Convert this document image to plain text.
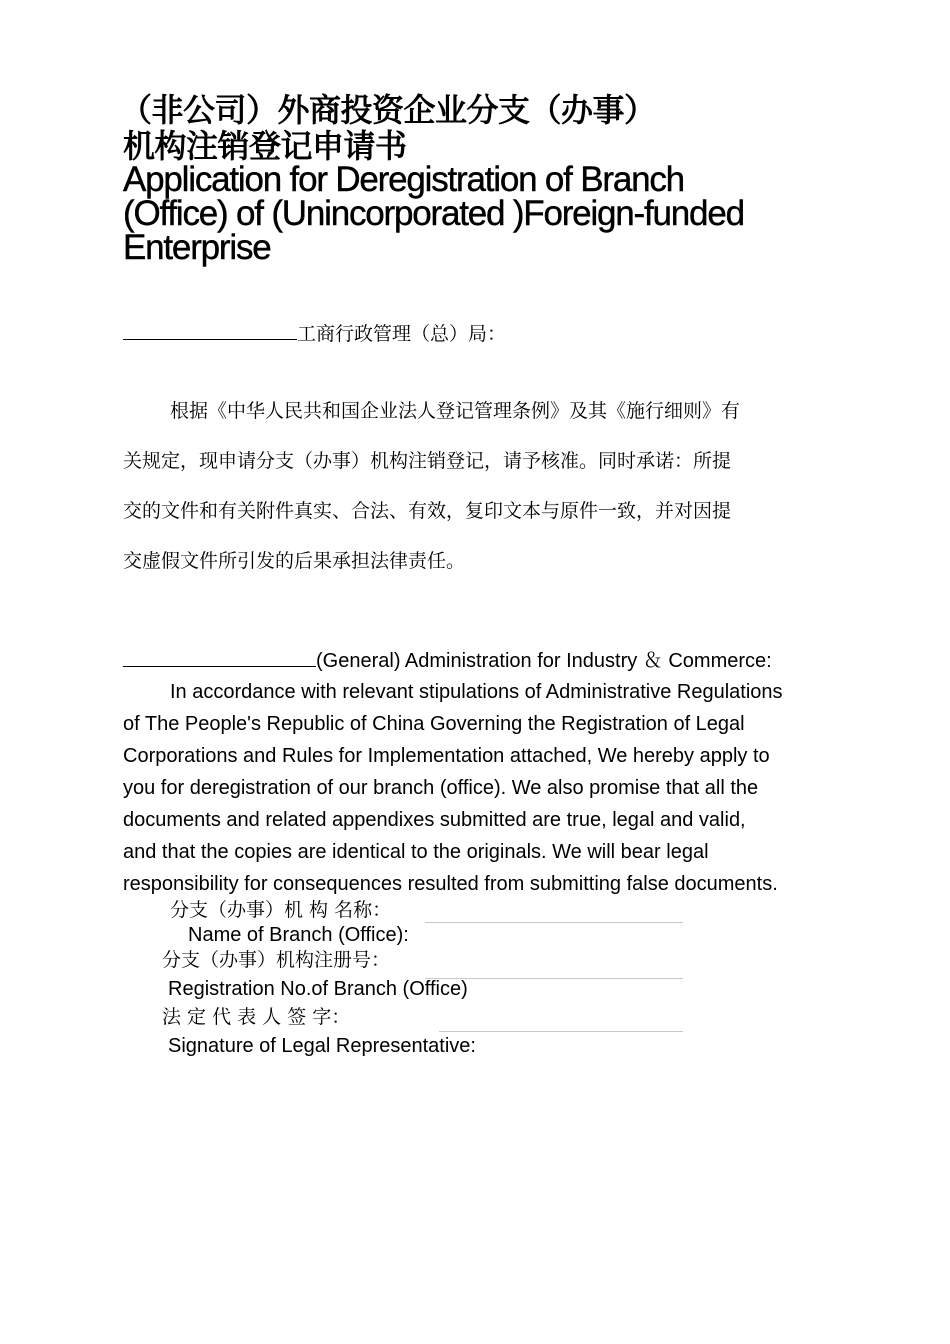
（非公司）外商投资企业分支（办事）
机构注销登记申请书
Application for Deregistration of Branch
(Office) of (Unincorporated )Foreign-funded
Enterprise
工商行政管理（总）局：
根据《中华人民共和国企业法人登记管理条例》及其《施行细则》有
关规定，现申请分支（办事）机构注销登记，请予核准。同时承诺：所提
交的文件和有关附件真实、合法、有效，复印文本与原件一致，并对因提
交虚假文件所引发的后果承担法律责任。
(General) Administration for Industry ＆ Commerce:
In accordance with relevant stipulations of Administrative Regulations
of The People's Republic of China Governing the Registration of Legal
Corporations and Rules for Implementation attached, We hereby apply to
you for deregistration of our branch (office). We also promise that all the
documents and related appendixes submitted are true, legal and valid,
and that the copies are identical to the originals. We will bear legal
responsibility for consequences resulted from submitting false documents.
分支（办事）机 构 名称：
Name of Branch (Office):
分支（办事）机构注册号：
Registration No.of Branch (Office)
法 定 代 表 人 签 字：
Signature of Legal Representative:
